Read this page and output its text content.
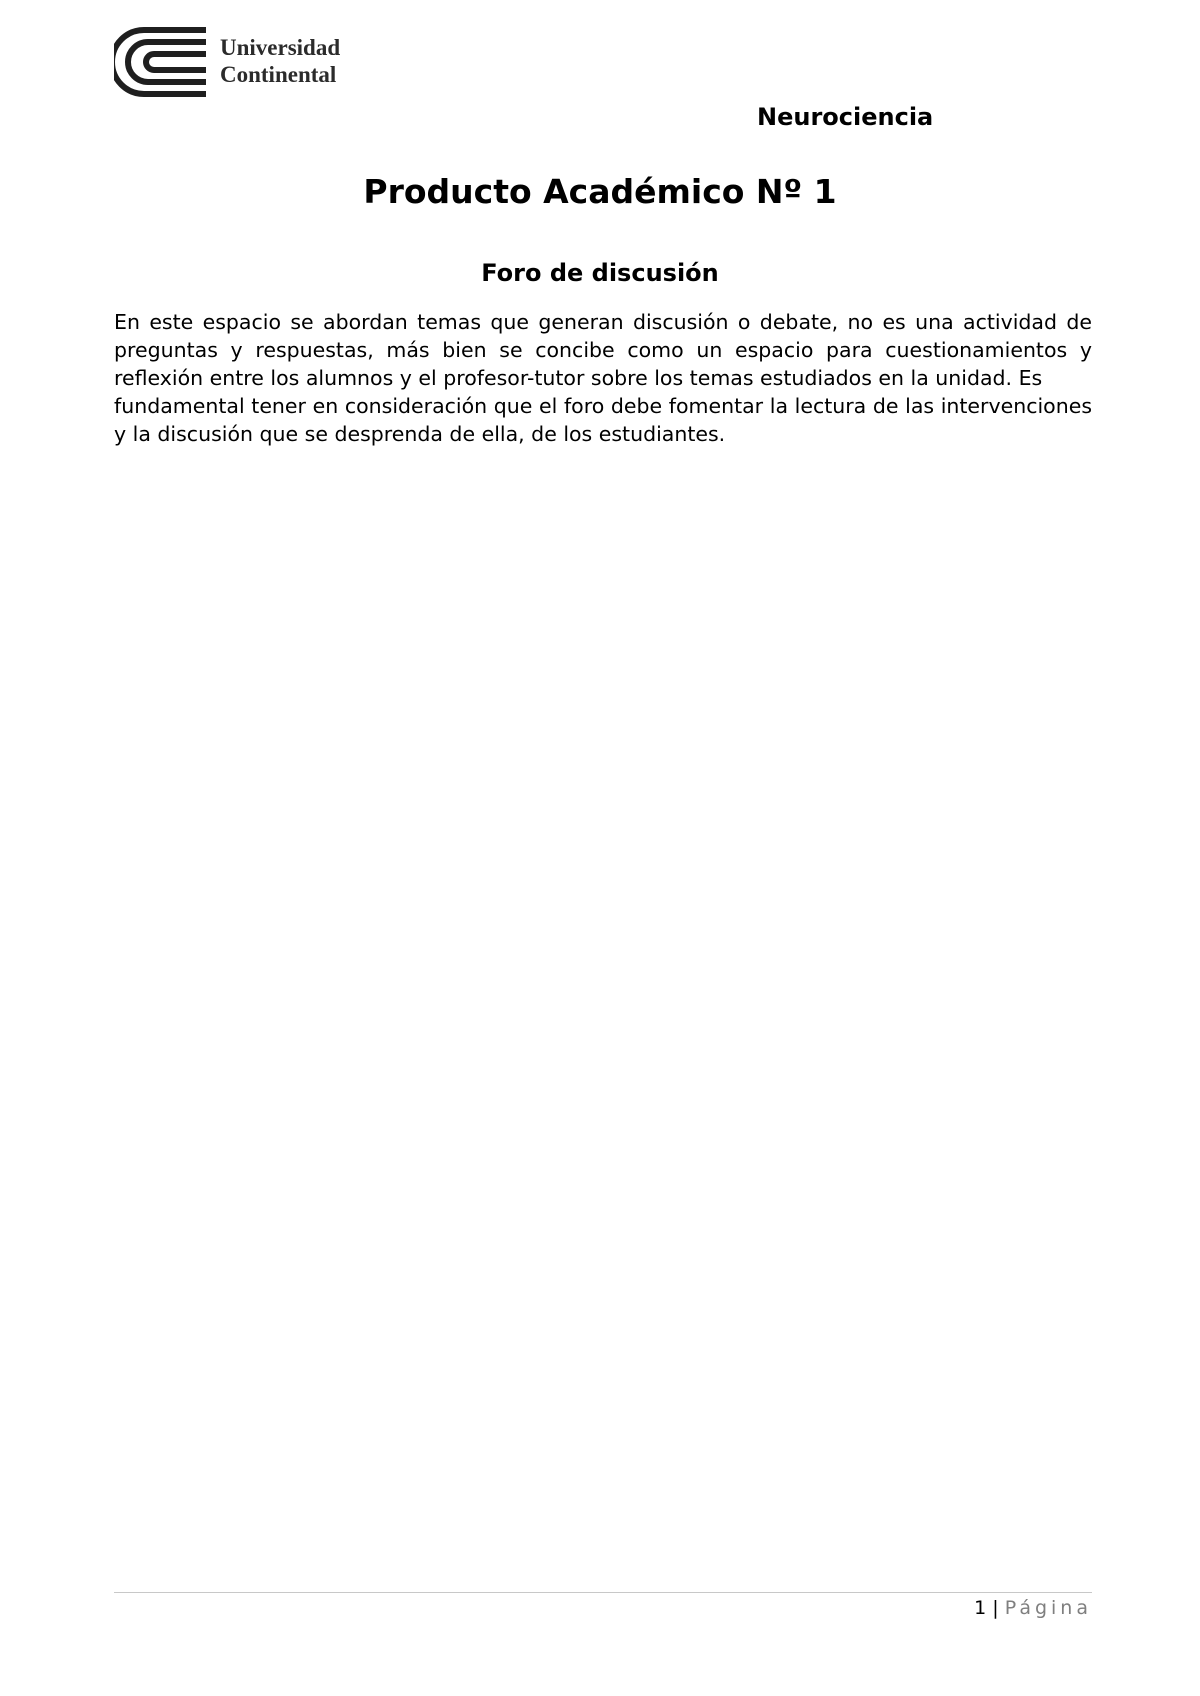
Universidad
Continental
Neurociencia
Producto Académico Nº 1
Foro de discusión

En este espacio se abordan temas que generan discusión o debate, no es una actividad de preguntas y respuestas, más bien se concibe como un espacio para cuestionamientos y reflexión entre los alumnos y el profesor-tutor sobre los temas estudiados en la unidad. Es

fundamental tener en consideración que el foro debe fomentar la lectura de las intervenciones y la discusión que se desprenda de ella, de los estudiantes.

1 | Página
